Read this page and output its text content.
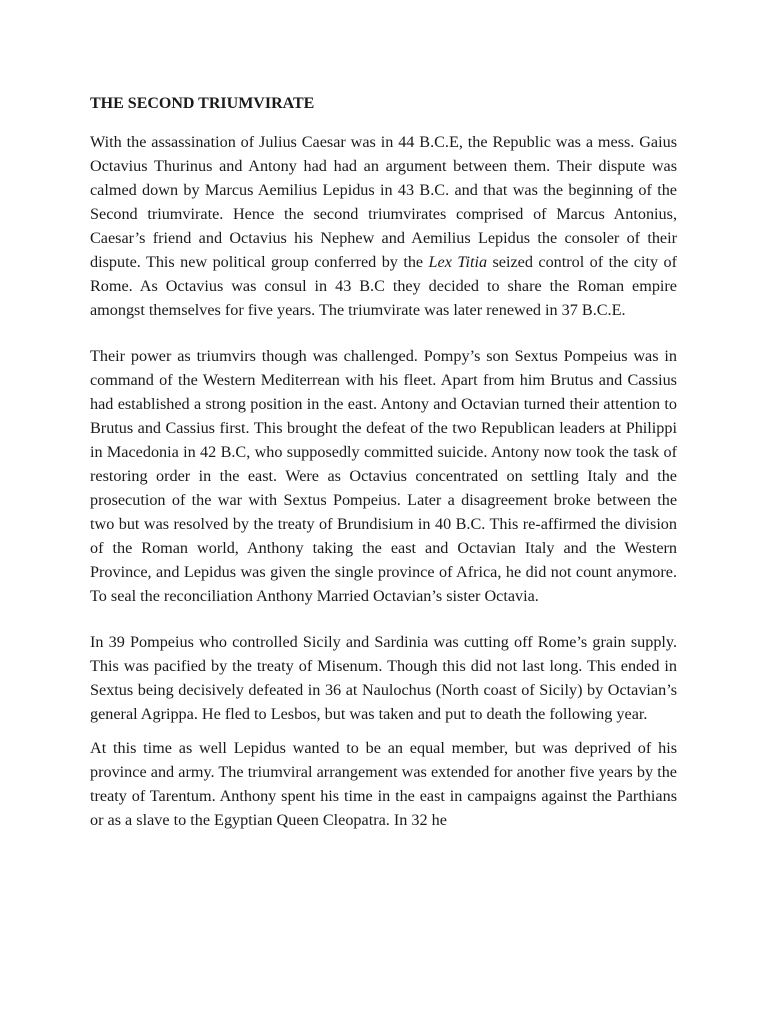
THE SECOND TRIUMVIRATE

With the assassination of Julius Caesar was in 44 B.C.E, the Republic was a mess. Gaius Octavius Thurinus and Antony had had an argument between them. Their dispute was calmed down by Marcus Aemilius Lepidus in 43 B.C. and that was the beginning of the Second triumvirate. Hence the second triumvirates comprised of Marcus Antonius, Caesar’s friend and Octavius his Nephew and Aemilius Lepidus the consoler of their dispute. This new political group conferred by the Lex Titia seized control of the city of Rome. As Octavius was consul in 43 B.C they decided to share the Roman empire amongst themselves for five years. The triumvirate was later renewed in 37 B.C.E.

Their power as triumvirs though was challenged. Pompy’s son Sextus Pompeius was in command of the Western Mediterrean with his fleet. Apart from him Brutus and Cassius had established a strong position in the east. Antony and Octavian turned their attention to Brutus and Cassius first. This brought the defeat of the two Republican leaders at Philippi in Macedonia in 42 B.C, who supposedly committed suicide. Antony now took the task of restoring order in the east. Were as Octavius concentrated on settling Italy and the prosecution of the war with Sextus Pompeius. Later a disagreement broke between the two but was resolved by the treaty of Brundisium in 40 B.C. This re-affirmed the division of the Roman world, Anthony taking the east and Octavian Italy and the Western Province, and Lepidus was given the single province of Africa, he did not count anymore. To seal the reconciliation Anthony Married Octavian’s sister Octavia.

In 39 Pompeius who controlled Sicily and Sardinia was cutting off Rome’s grain supply. This was pacified by the treaty of Misenum. Though this did not last long. This ended in Sextus being decisively defeated in 36 at Naulochus (North coast of Sicily) by Octavian’s general Agrippa. He fled to Lesbos, but was taken and put to death the following year.

At this time as well Lepidus wanted to be an equal member, but was deprived of his province and army. The triumviral arrangement was extended for another five years by the treaty of Tarentum. Anthony spent his time in the east in campaigns against the Parthians or as a slave to the Egyptian Queen Cleopatra. In 32 he
